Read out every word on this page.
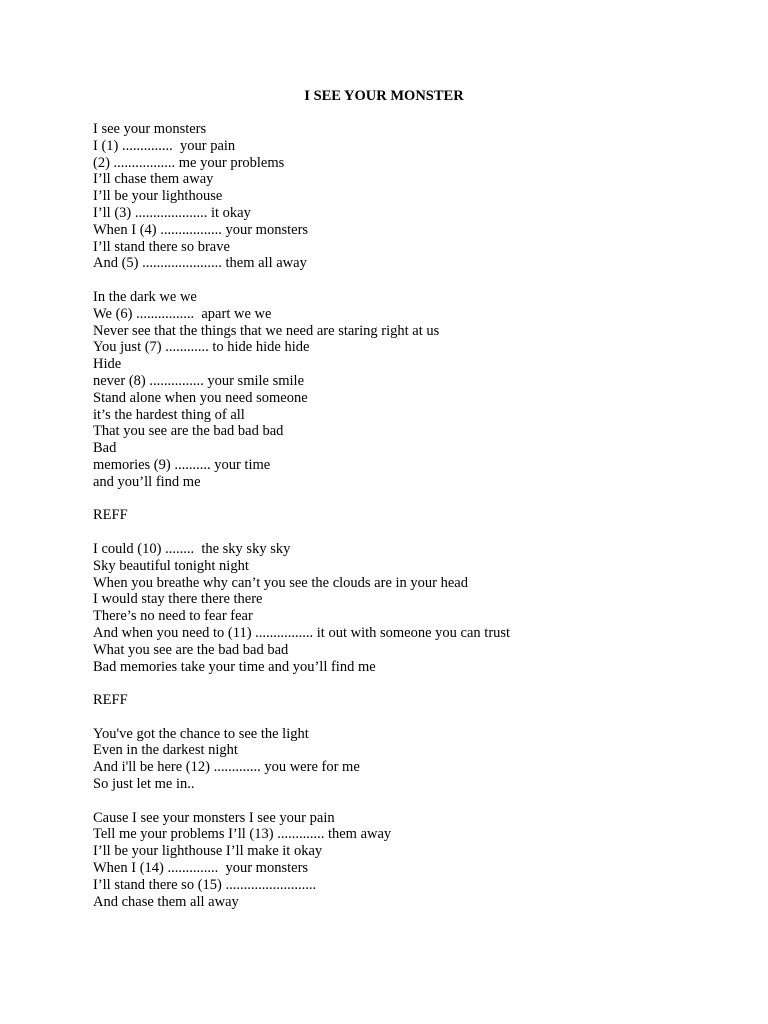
I SEE YOUR MONSTER
I see your monsters
I (1) ..............  your pain
(2) ................. me your problems
I’ll chase them away
I’ll be your lighthouse
I’ll (3) .................... it okay
When I (4) ................. your monsters
I’ll stand there so brave
And (5) ...................... them all away
In the dark we we
We (6) ................  apart we we
Never see that the things that we need are staring right at us
You just (7) ............ to hide hide hide
Hide
never (8) ............... your smile smile
Stand alone when you need someone
it’s the hardest thing of all
That you see are the bad bad bad
Bad
memories (9) .......... your time
and you’ll find me
REFF
I could (10) ........  the sky sky sky
Sky beautiful tonight night
When you breathe why can’t you see the clouds are in your head
I would stay there there there
There’s no need to fear fear
And when you need to (11) ................ it out with someone you can trust
What you see are the bad bad bad
Bad memories take your time and you’ll find me
REFF
You've got the chance to see the light
Even in the darkest night
And i'll be here (12) ............. you were for me
So just let me in..
Cause I see your monsters I see your pain
Tell me your problems I’ll (13) ............. them away
I’ll be your lighthouse I’ll make it okay
When I (14) ..............  your monsters
I’ll stand there so (15) .........................
And chase them all away
